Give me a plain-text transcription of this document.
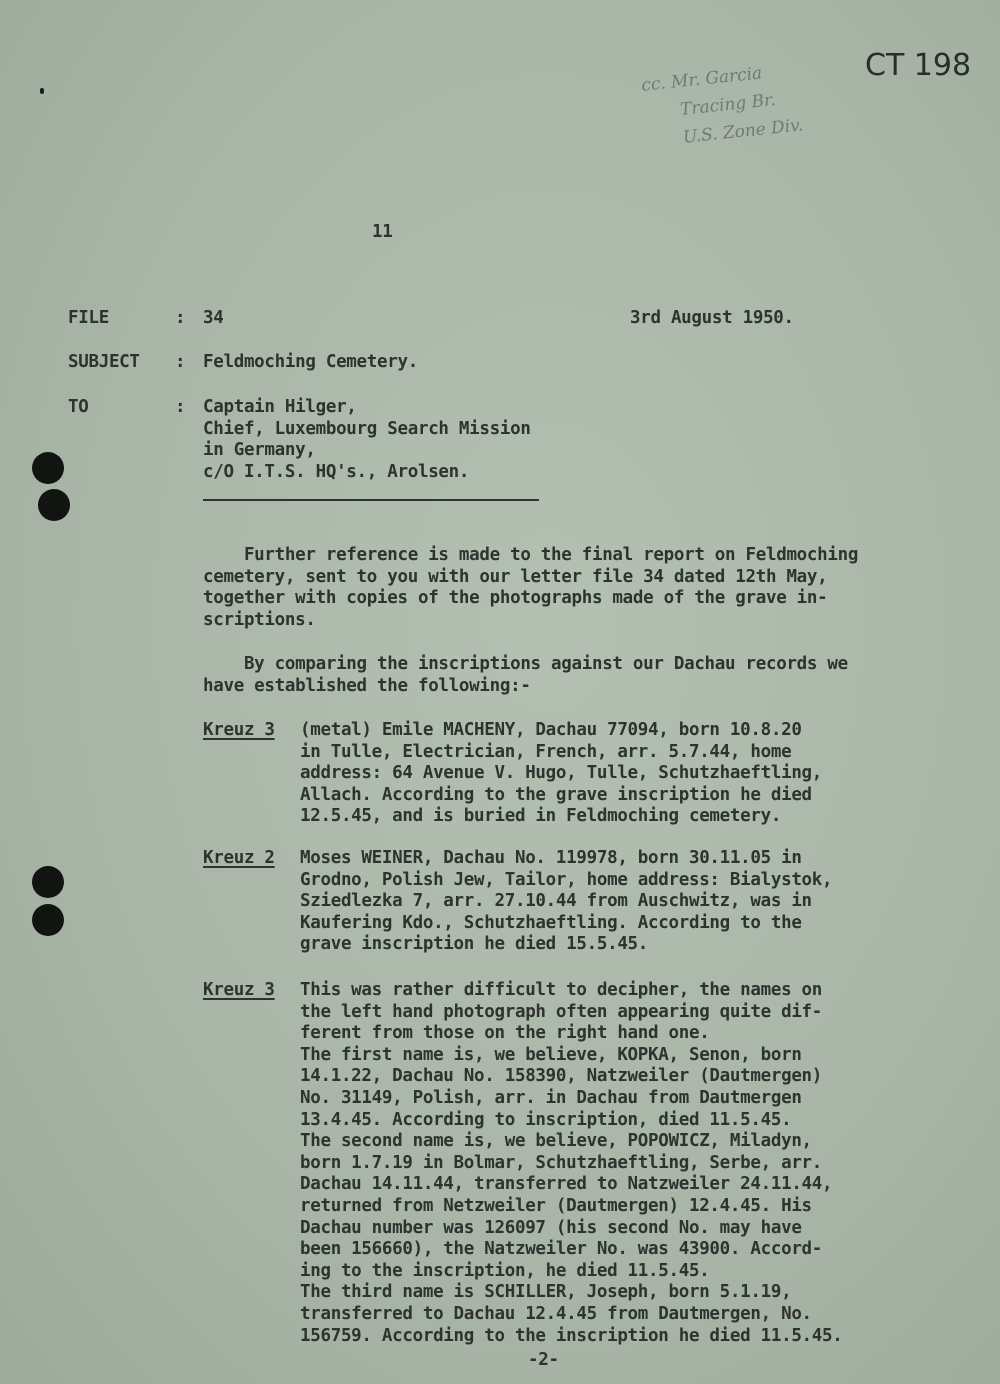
CT 198
cc. Mr. Garcia
Tracing Br.
U.S. Zone Div.
11
FILE	: 34	3rd August 1950.
SUBJECT : Feldmoching Cemetery.
TO	: Captain Hilger,
Chief, Luxembourg Search Mission
in Germany,
c/O I.T.S. HQ's., Arolsen.
Further reference is made to the final report on Feldmoching
cemetery, sent to you with our letter file 34 dated 12th May,
together with copies of the photographs made of the grave in-
scriptions.
By comparing the inscriptions against our Dachau records we
have established the following:-
Kreuz 3 (metal) Emile MACHENY, Dachau 77094, born 10.8.20
in Tulle, Electrician, French, arr. 5.7.44, home
address: 64 Avenue V. Hugo, Tulle, Schutzhaeftling,
Allach. According to the grave inscription he died
12.5.45, and is buried in Feldmoching cemetery.
Kreuz 2 Moses WEINER, Dachau No. 119978, born 30.11.05 in
Grodno, Polish Jew, Tailor, home address: Bialystok,
Sziedlezka 7, arr. 27.10.44 from Auschwitz, was in
Kaufering Kdo., Schutzhaeftling. According to the
grave inscription he died 15.5.45.
Kreuz 3 This was rather difficult to decipher, the names on
the left hand photograph often appearing quite dif-
ferent from those on the right hand one.
The first name is, we believe, KOPKA, Senon, born
14.1.22, Dachau No. 158390, Natzweiler (Dautmergen)
No. 31149, Polish, arr. in Dachau from Dautmergen
13.4.45. According to inscription, died 11.5.45.
The second name is, we believe, POPOWICZ, Miladyn,
born 1.7.19 in Bolmar, Schutzhaeftling, Serbe, arr.
Dachau 14.11.44, transferred to Natzweiler 24.11.44,
returned from Netzweiler (Dautmergen) 12.4.45. His
Dachau number was 126097 (his second No. may have
been 156660), the Natzweiler No. was 43900. Accord-
ing to the inscription, he died 11.5.45.
The third name is SCHILLER, Joseph, born 5.1.19,
transferred to Dachau 12.4.45 from Dautmergen, No.
156759. According to the inscription he died 11.5.45.
-2-
